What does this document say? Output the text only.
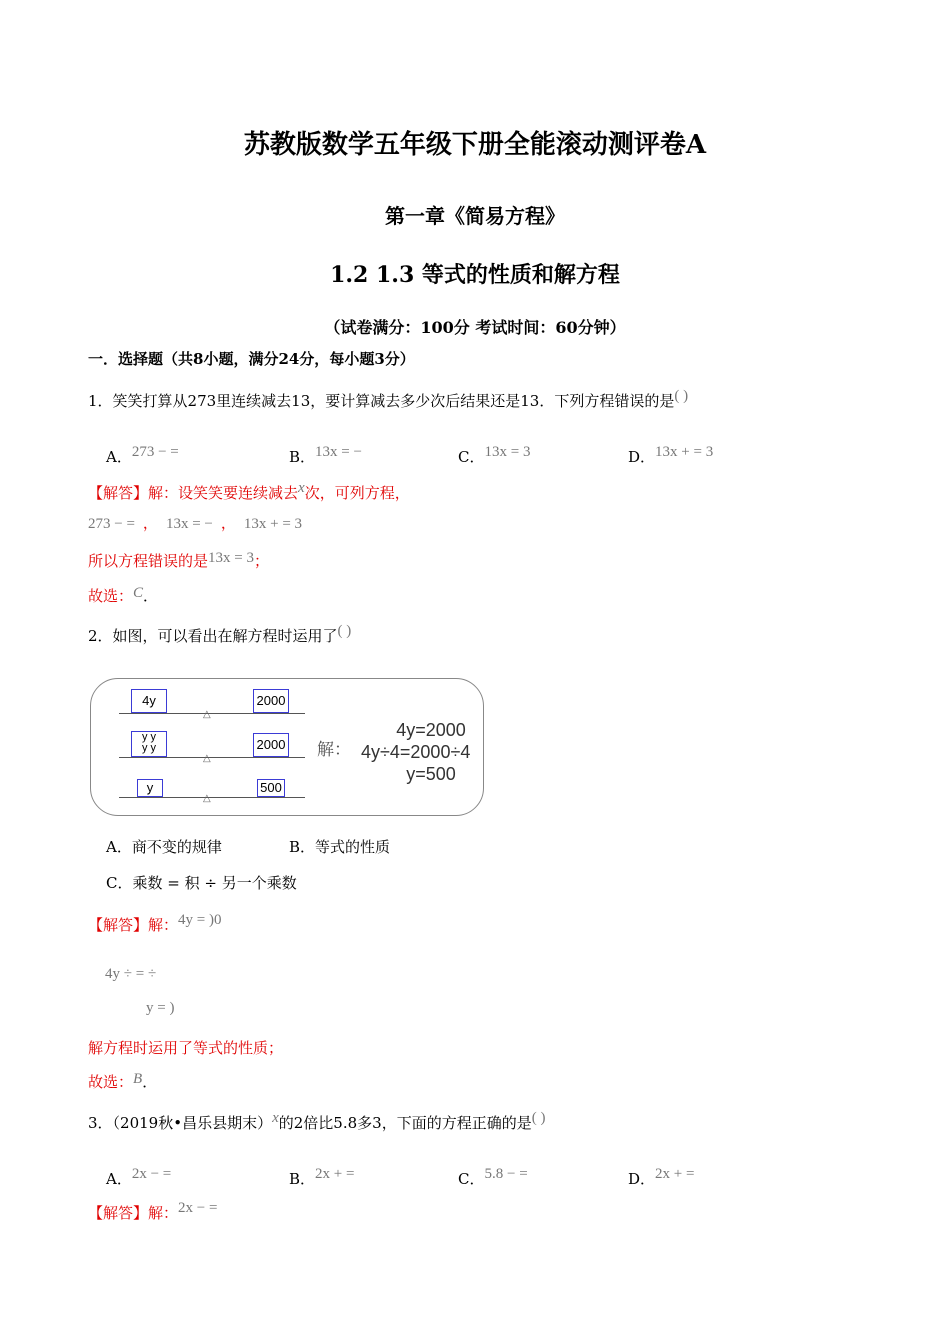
苏教版数学五年级下册全能滚动测评卷A
第一章《简易方程》
1.2 1.3 等式的性质和解方程
（试卷满分：100分 考试时间：60分钟）
一．选择题（共8小题，满分24分，每小题3分）
1．笑笑打算从273里连续减去13，要计算减去多少次后结果还是13．下列方程错误的是( )
A．273 − =	B．13x = −	C．13x = 3	D．13x + = 3
【解答】解：设笑笑要连续减去x次，可列方程，
273 − = ， 13x = − ， 13x + = 3
所以方程错误的是13x = 3；
故选：C．
2．如图，可以看出在解方程时运用了( )
4y	2000
△
y y
y y	2000
△
y	500
△
解：
4y=2000
4y÷4=2000÷4
y=500
A．商不变的规律	B．等式的性质
C．乘数 = 积 ÷ 另一个乘数
【解答】解：4y = )0
4y ÷ = ÷
y = )
解方程时运用了等式的性质；
故选：B．
3．（2019秋•昌乐县期末）x的2倍比5.8多3，下面的方程正确的是( )
A．2x − =	B．2x + =	C．5.8 − =	D．2x + =
【解答】解：2x − =
